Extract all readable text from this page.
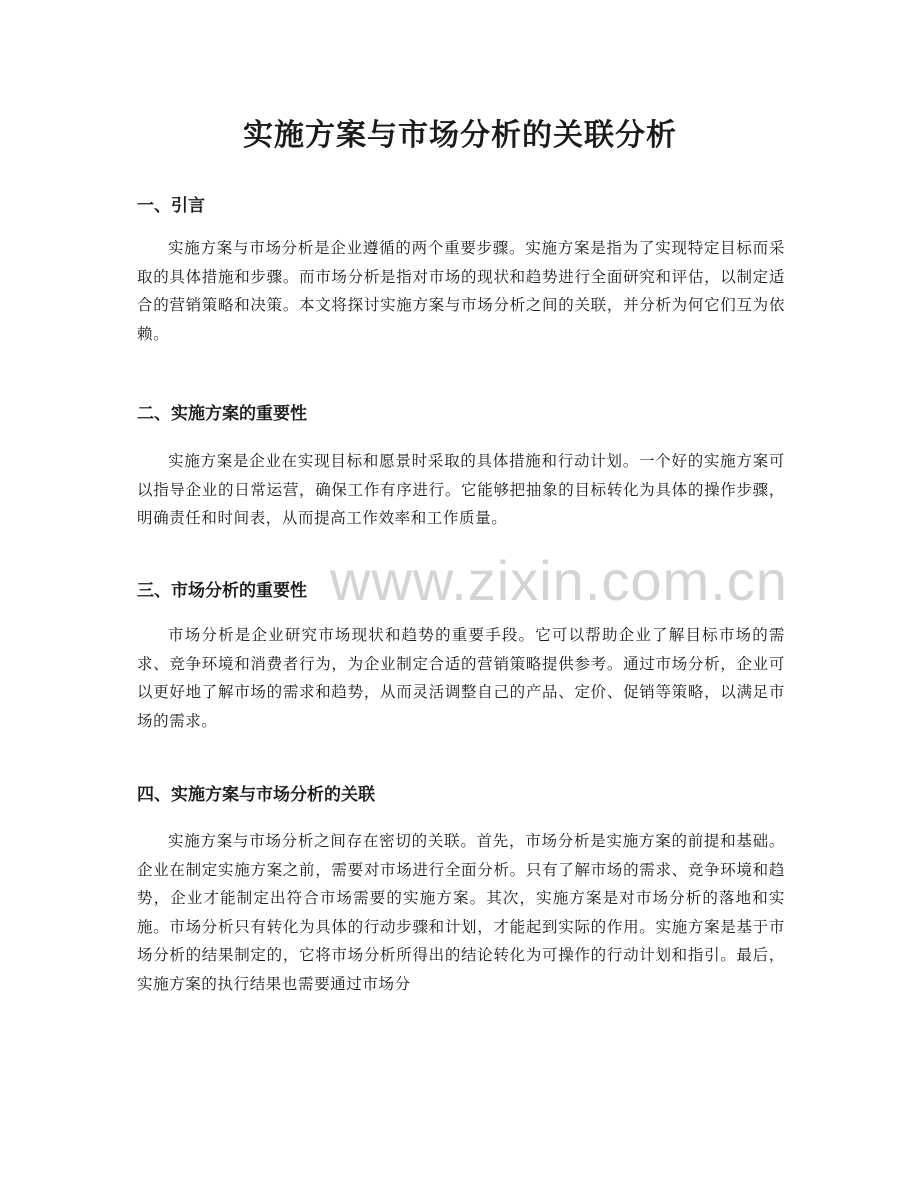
实施方案与市场分析的关联分析
一、引言

实施方案与市场分析是企业遵循的两个重要步骤。实施方案是指为了实现特定目标而采取的具体措施和步骤。而市场分析是指对市场的现状和趋势进行全面研究和评估，以制定适合的营销策略和决策。本文将探讨实施方案与市场分析之间的关联，并分析为何它们互为依赖。

二、实施方案的重要性

实施方案是企业在实现目标和愿景时采取的具体措施和行动计划。一个好的实施方案可以指导企业的日常运营，确保工作有序进行。它能够把抽象的目标转化为具体的操作步骤，明确责任和时间表，从而提高工作效率和工作质量。

三、市场分析的重要性

市场分析是企业研究市场现状和趋势的重要手段。它可以帮助企业了解目标市场的需求、竞争环境和消费者行为，为企业制定合适的营销策略提供参考。通过市场分析，企业可以更好地了解市场的需求和趋势，从而灵活调整自己的产品、定价、促销等策略，以满足市场的需求。

四、实施方案与市场分析的关联

实施方案与市场分析之间存在密切的关联。首先，市场分析是实施方案的前提和基础。企业在制定实施方案之前，需要对市场进行全面分析。只有了解市场的需求、竞争环境和趋势，企业才能制定出符合市场需要的实施方案。其次，实施方案是对市场分析的落地和实施。市场分析只有转化为具体的行动步骤和计划，才能起到实际的作用。实施方案是基于市场分析的结果制定的，它将市场分析所得出的结论转化为可操作的行动计划和指引。最后，实施方案的执行结果也需要通过市场分

www.zixin.com.cn
